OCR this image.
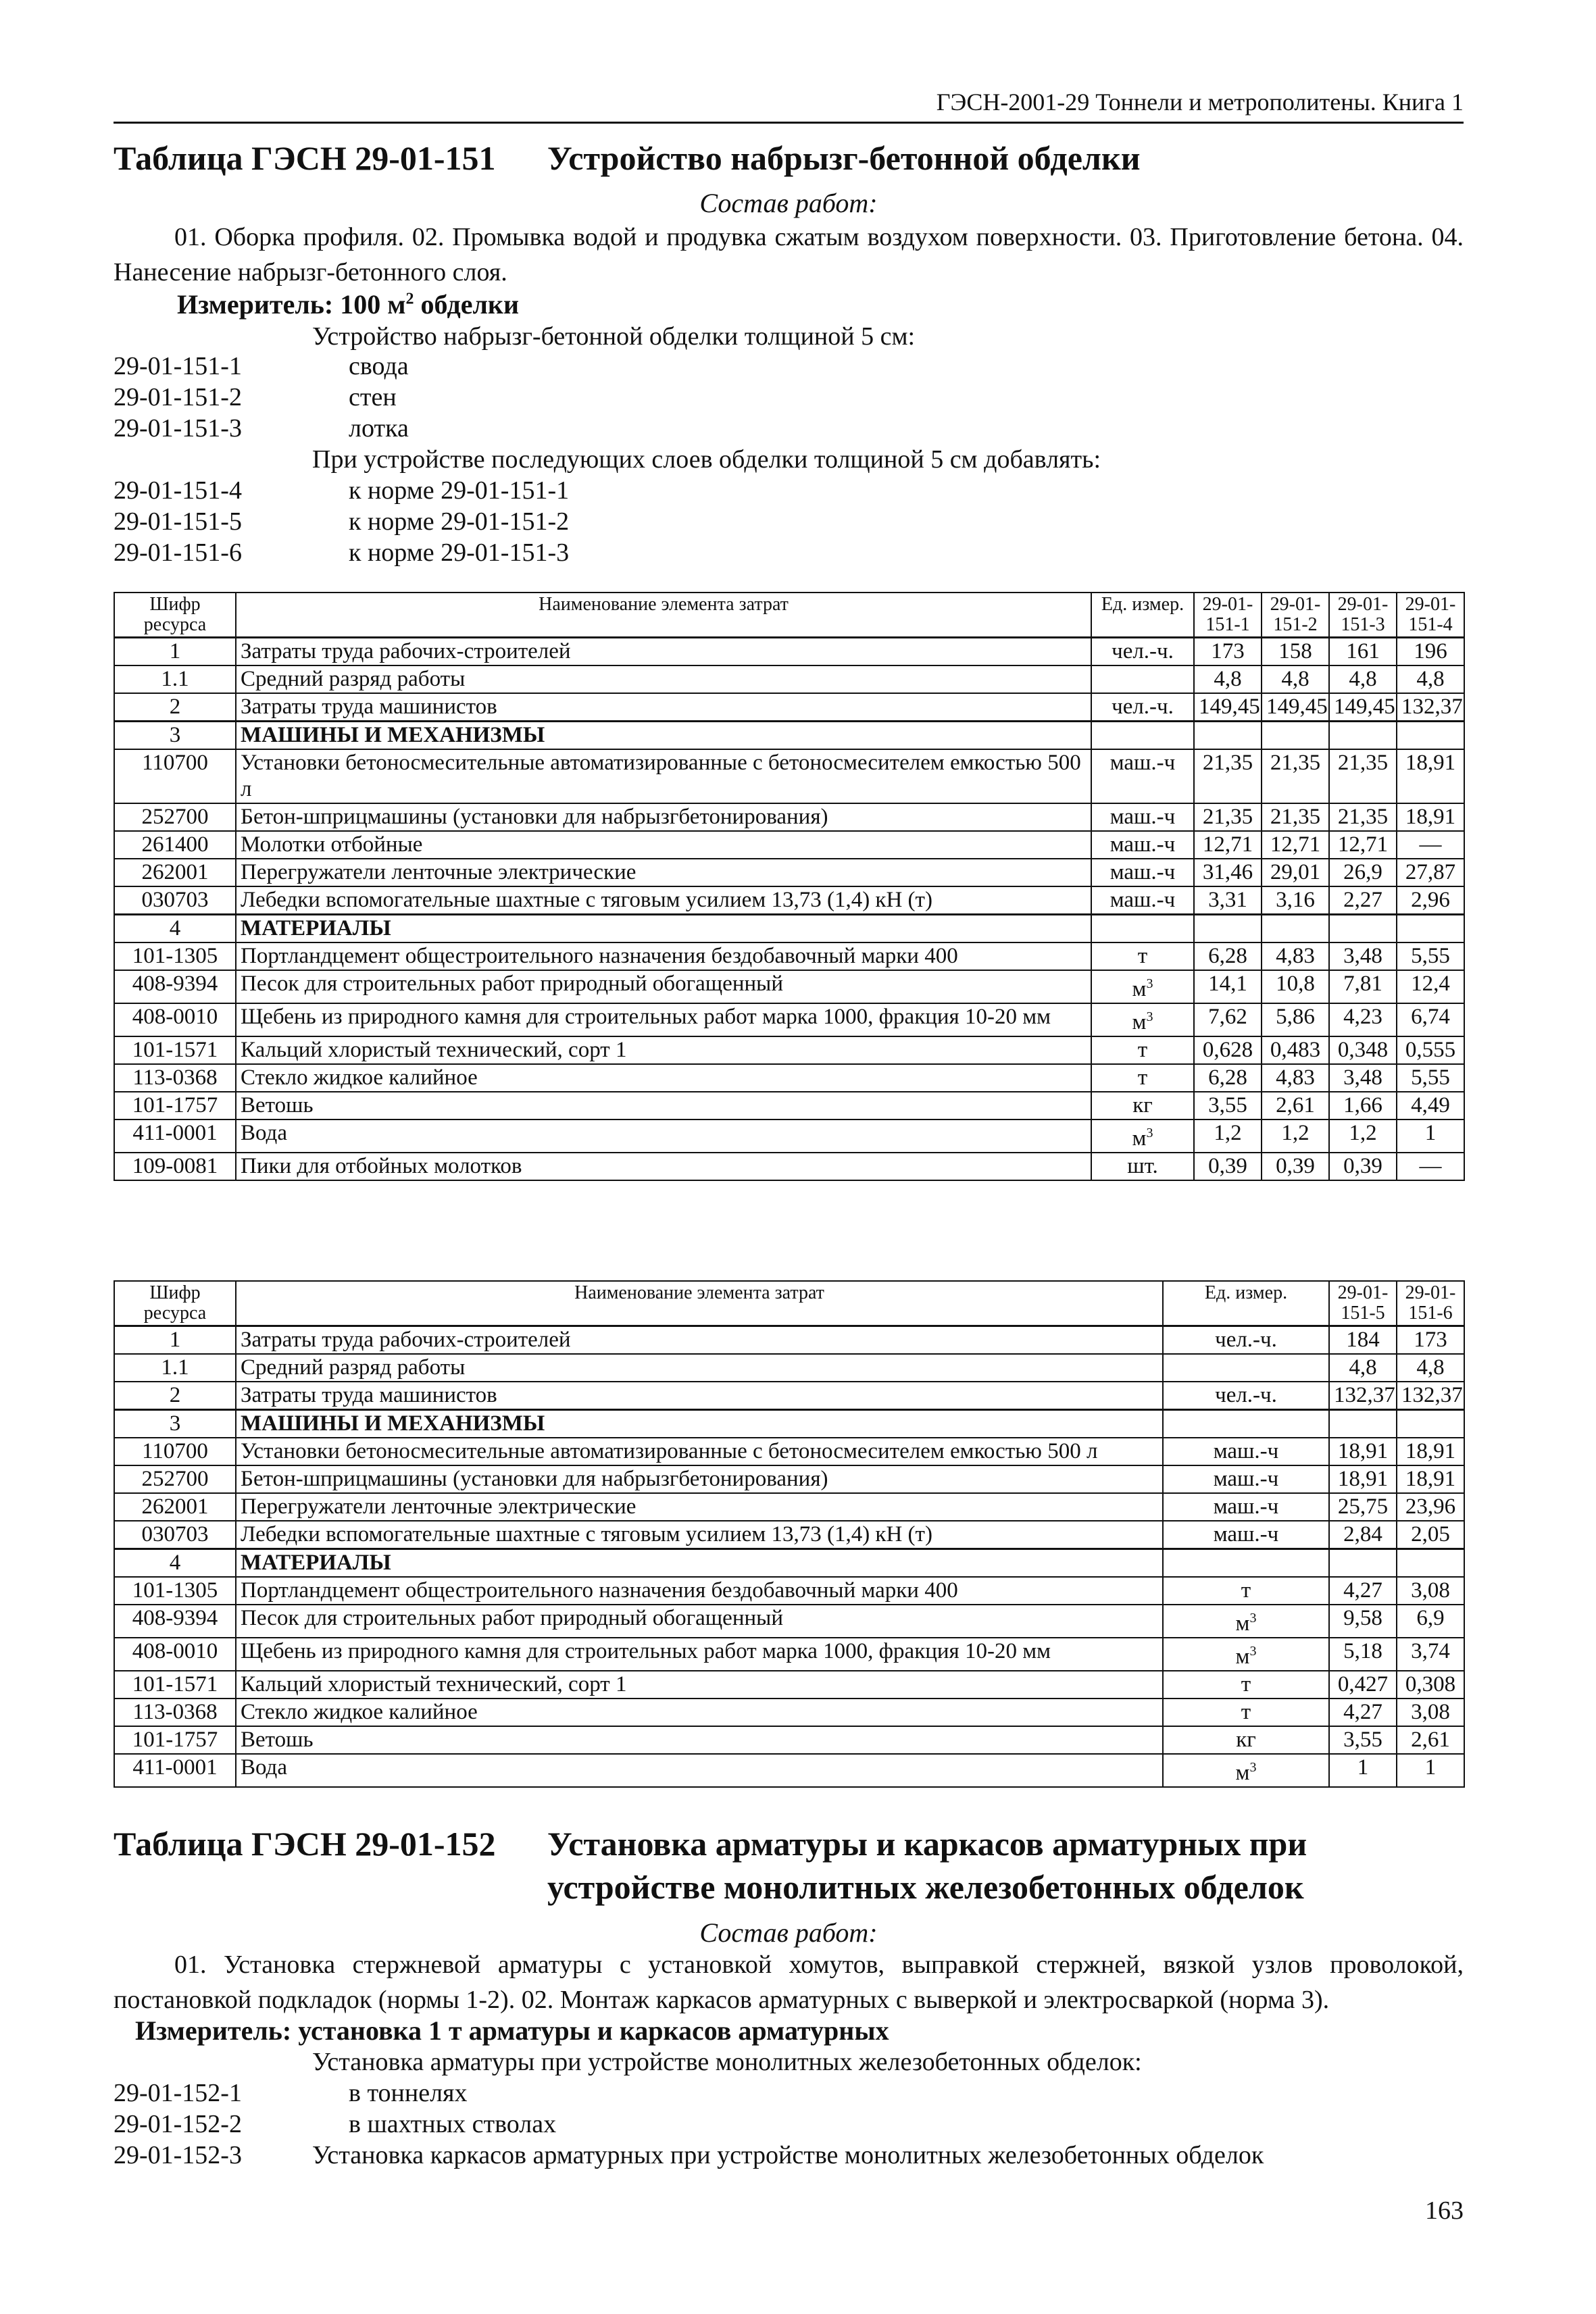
ГЭСН-2001-29 Тоннели и метрополитены. Книга 1
Таблица ГЭСН 29-01-151 Устройство набрызг-бетонной обделки
Состав работ:
01. Оборка профиля. 02. Промывка водой и продувка сжатым воздухом поверхности. 03. Приготовление бетона. 04. Нанесение набрызг-бетонного слоя.
Измеритель: 100 $м^2$ обделки
Устройство набрызг-бетонной обделки толщиной 5 см:
29-01-151-1	свода
29-01-151-2	стен
29-01-151-3	лотка
При устройстве последующих слоев обделки толщиной 5 см добавлять:
29-01-151-4	к норме 29-01-151-1
29-01-151-5	к норме 29-01-151-2
29-01-151-6	к норме 29-01-151-3
Шифр ресурса	Наименование элемента затрат	Ед. измер.	29-01-151-1	29-01-151-2	29-01-151-3	29-01-151-4
1	Затраты труда рабочих-строителей	чел.-ч.	173	158	161	196
1.1	Средний разряд работы		4,8	4,8	4,8	4,8
2	Затраты труда машинистов	чел.-ч.	149,45	149,45	149,45	132,37
3	МАШИНЫ И МЕХАНИЗМЫ					
110700	Установки бетоносмесительные автоматизированные с бетоносмесителем емкостью 500 л	маш.-ч	21,35	21,35	21,35	18,91
252700	Бетон-шприцмашины (установки для набрызгбетонирования)	маш.-ч	21,35	21,35	21,35	18,91
261400	Молотки отбойные	маш.-ч	12,71	12,71	12,71	—
262001	Перегружатели ленточные электрические	маш.-ч	31,46	29,01	26,9	27,87
030703	Лебедки вспомогательные шахтные с тяговым усилием 13,73 (1,4) кН (т)	маш.-ч	3,31	3,16	2,27	2,96
4	МАТЕРИАЛЫ					
101-1305	Портландцемент общестроительного назначения бездобавочный марки 400	т	6,28	4,83	3,48	5,55
408-9394	Песок для строительных работ природный обогащенный	$м^3$	14,1	10,8	7,81	12,4
408-0010	Щебень из природного камня для строительных работ марка 1000, фракция 10-20 мм	$м^3$	7,62	5,86	4,23	6,74
101-1571	Кальций хлористый технический, сорт 1	т	0,628	0,483	0,348	0,555
113-0368	Стекло жидкое калийное	т	6,28	4,83	3,48	5,55
101-1757	Ветошь	кг	3,55	2,61	1,66	4,49
411-0001	Вода	$м^3$	1,2	1,2	1,2	1
109-0081	Пики для отбойных молотков	шт.	0,39	0,39	0,39	—
Шифр ресурса	Наименование элемента затрат	Ед. измер.	29-01-151-5	29-01-151-6
1	Затраты труда рабочих-строителей	чел.-ч.	184	173
1.1	Средний разряд работы		4,8	4,8
2	Затраты труда машинистов	чел.-ч.	132,37	132,37
3	МАШИНЫ И МЕХАНИЗМЫ			
110700	Установки бетоносмесительные автоматизированные с бетоносмесителем емкостью 500 л	маш.-ч	18,91	18,91
252700	Бетон-шприцмашины (установки для набрызгбетонирования)	маш.-ч	18,91	18,91
262001	Перегружатели ленточные электрические	маш.-ч	25,75	23,96
030703	Лебедки вспомогательные шахтные с тяговым усилием 13,73 (1,4) кН (т)	маш.-ч	2,84	2,05
4	МАТЕРИАЛЫ			
101-1305	Портландцемент общестроительного назначения бездобавочный марки 400	т	4,27	3,08
408-9394	Песок для строительных работ природный обогащенный	$м^3$	9,58	6,9
408-0010	Щебень из природного камня для строительных работ марка 1000, фракция 10-20 мм	$м^3$	5,18	3,74
101-1571	Кальций хлористый технический, сорт 1	т	0,427	0,308
113-0368	Стекло жидкое калийное	т	4,27	3,08
101-1757	Ветошь	кг	3,55	2,61
411-0001	Вода	$м^3$	1	1
Таблица ГЭСН 29-01-152 Установка арматуры и каркасов арматурных при
устройстве монолитных железобетонных обделок
Состав работ:
01. Установка стержневой арматуры с установкой хомутов, выправкой стержней, вязкой узлов проволокой, постановкой подкладок (нормы 1-2). 02. Монтаж каркасов арматурных с выверкой и электросваркой (норма 3).
Измеритель: установка 1 т арматуры и каркасов арматурных
Установка арматуры при устройстве монолитных железобетонных обделок:
29-01-152-1	в тоннелях
29-01-152-2	в шахтных стволах
29-01-152-3	Установка каркасов арматурных при устройстве монолитных железобетонных обделок
163
